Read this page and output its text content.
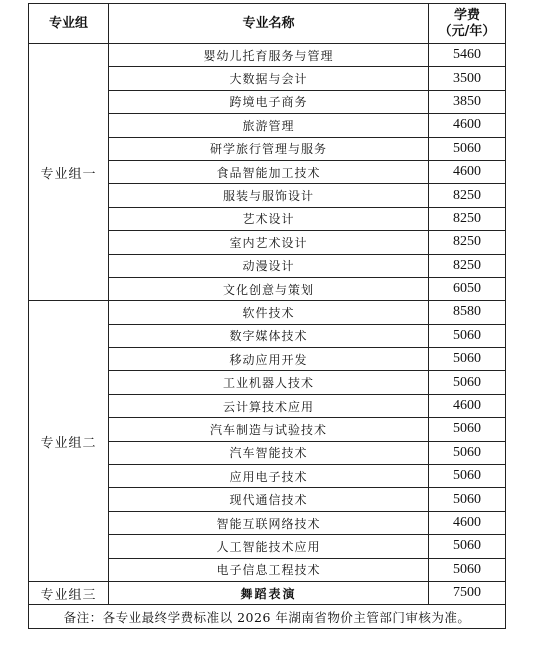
专业组	专业名称	学费
（元/年）

专业组一	婴幼儿托育服务与管理	5460
	大数据与会计	3500
	跨境电子商务	3850
	旅游管理	4600
	研学旅行管理与服务	5060
	食品智能加工技术	4600
	服装与服饰设计	8250
	艺术设计	8250
	室内艺术设计	8250
	动漫设计	8250
	文化创意与策划	6050
专业组二	软件技术	8580
	数字媒体技术	5060
	移动应用开发	5060
	工业机器人技术	5060
	云计算技术应用	4600
	汽车制造与试验技术	5060
	汽车智能技术	5060
	应用电子技术	5060
	现代通信技术	5060
	智能互联网络技术	4600
	人工智能技术应用	5060
	电子信息工程技术	5060
专业组三	舞蹈表演	7500
备注：各专业最终学费标准以 2026 年湖南省物价主管部门审核为准。		
